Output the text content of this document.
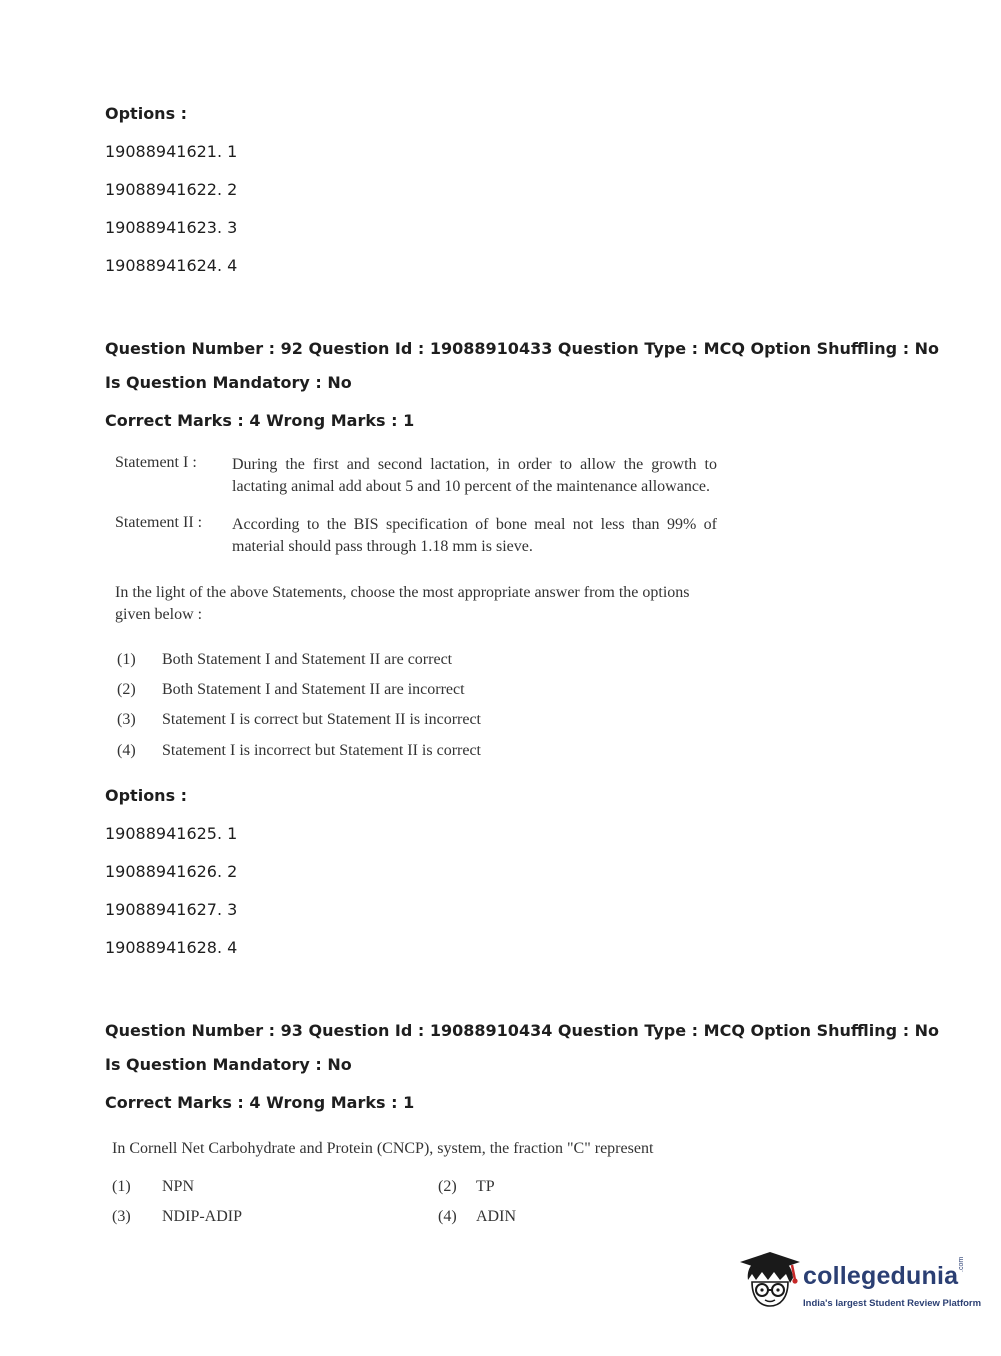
Options :
19088941621. 1
19088941622. 2
19088941623. 3
19088941624. 4
Question Number : 92 Question Id : 19088910433 Question Type : MCQ Option Shuffling : No
Is Question Mandatory : No
Correct Marks : 4 Wrong Marks : 1
Statement I : During the first and second lactation, in order to allow the growth to lactating animal add about 5 and 10 percent of the maintenance allowance.
Statement II : According to the BIS specification of bone meal not less than 99% of material should pass through 1.18 mm is sieve.
In the light of the above Statements, choose the most appropriate answer from the options given below :
(1) Both Statement I and Statement II are correct
(2) Both Statement I and Statement II are incorrect
(3) Statement I is correct but Statement II is incorrect
(4) Statement I is incorrect but Statement II is correct
Options :
19088941625. 1
19088941626. 2
19088941627. 3
19088941628. 4
Question Number : 93 Question Id : 19088910434 Question Type : MCQ Option Shuffling : No
Is Question Mandatory : No
Correct Marks : 4 Wrong Marks : 1
In Cornell Net Carbohydrate and Protein (CNCP), system, the fraction "C" represent
(1) NPN	(2) TP
(3) NDIP-ADIP	(4) ADIN
collegedunia .com
India's largest Student Review Platform
